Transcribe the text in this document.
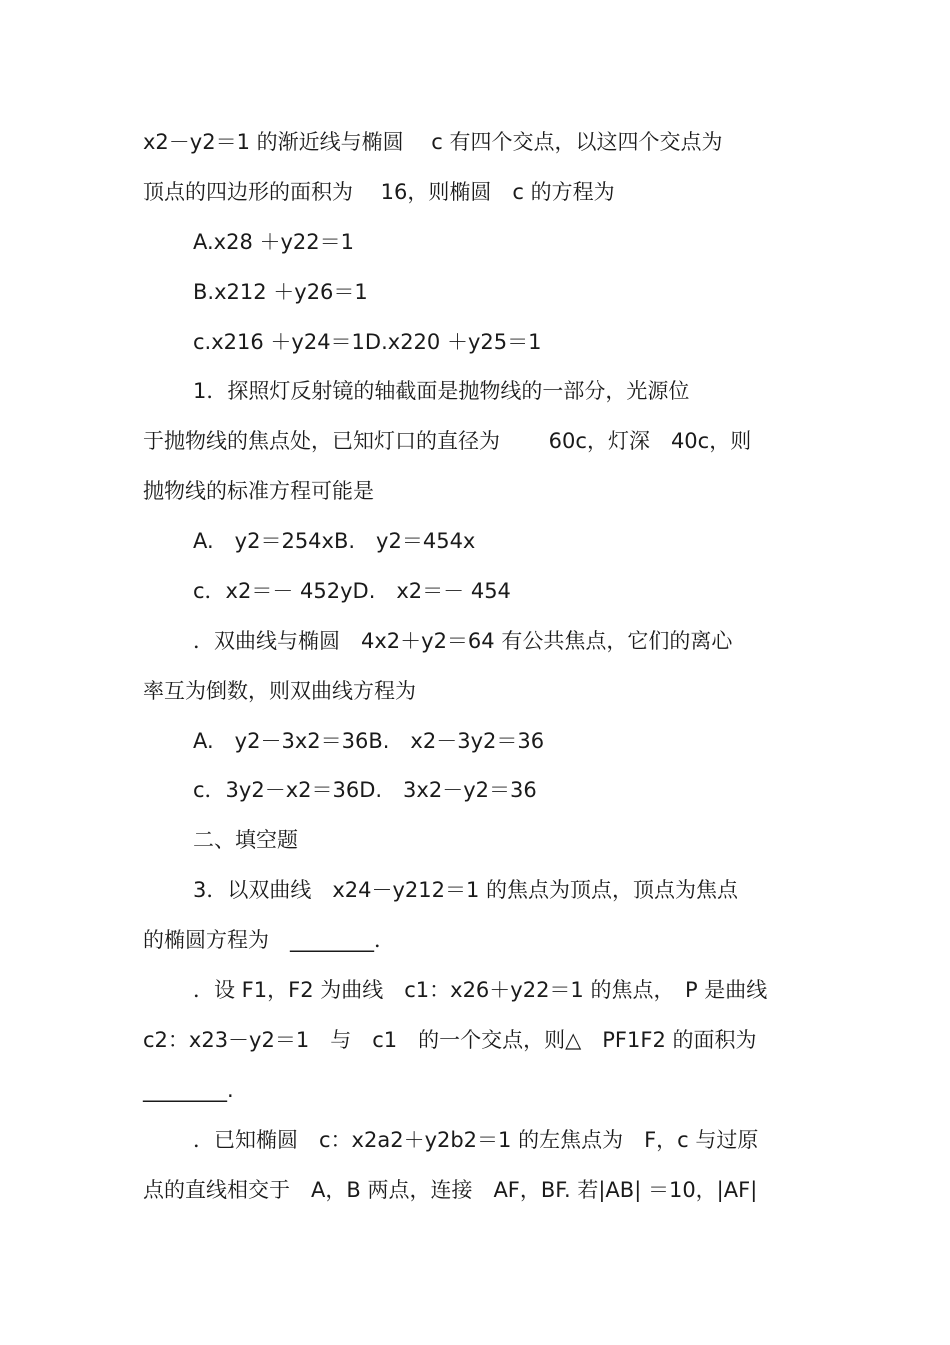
x2－y2＝1 的渐近线与椭圆　 c 有四个交点，以这四个交点为
顶点的四边形的面积为　 16，则椭圆　c 的方程为
A.x28 ＋y22＝1
B.x212 ＋y26＝1
c.x216 ＋y24＝1D.x220 ＋y25＝1
1．探照灯反射镜的轴截面是抛物线的一部分，光源位
于抛物线的焦点处，已知灯口的直径为　　 60c，灯深　40c，则
抛物线的标准方程可能是
A.　y2＝254xB.　y2＝454x
c．x2＝－ 452yD.　x2＝－ 454
．双曲线与椭圆　4x2＋y2＝64 有公共焦点，它们的离心
率互为倒数，则双曲线方程为
A.　y2－3x2＝36B.　x2－3y2＝36
c．3y2－x2＝36D.　3x2－y2＝36
二、填空题
3．以双曲线　x24－y212＝1 的焦点为顶点，顶点为焦点
的椭圆方程为　________．
．设 F1，F2 为曲线　c1：x26＋y22＝1 的焦点，　P 是曲线
c2：x23－y2＝1　与　c1　的一个交点，则△　PF1F2 的面积为
________.
．已知椭圆　c：x2a2＋y2b2＝1 的左焦点为　F，c 与过原
点的直线相交于　A，B 两点，连接　AF，BF. 若|AB| ＝10，|AF|
